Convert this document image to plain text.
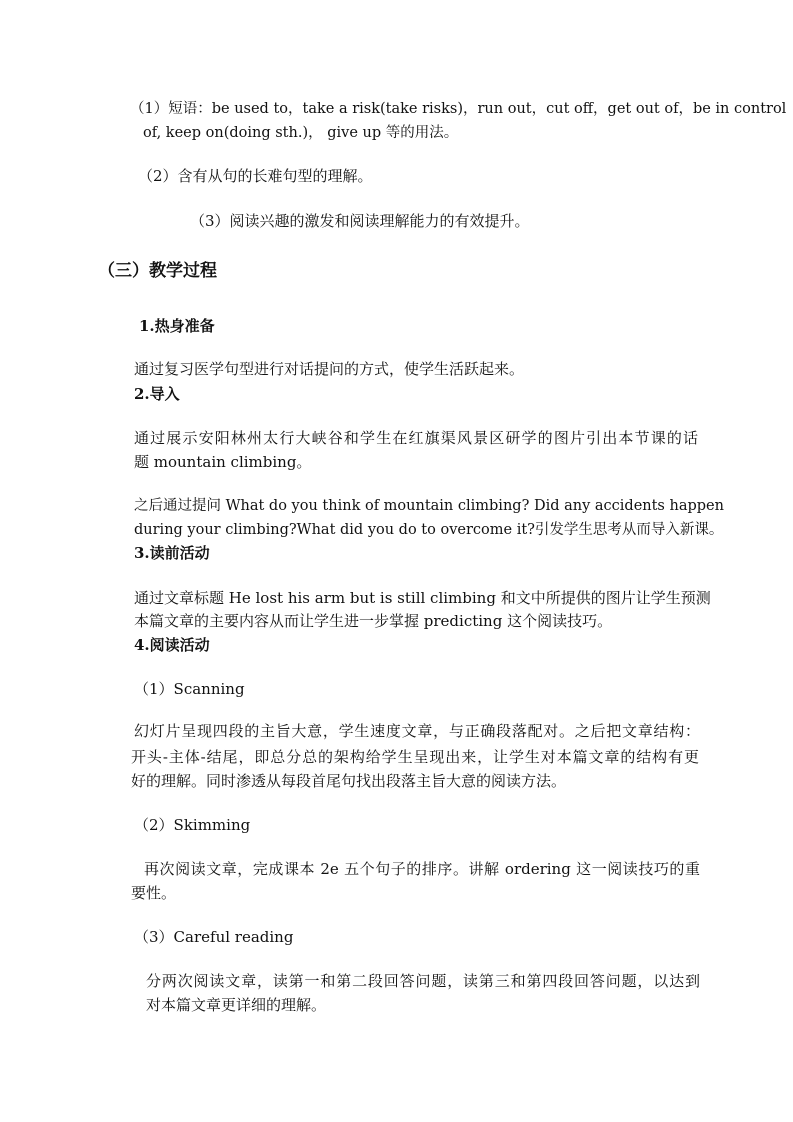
（1）短语：be used to，take a risk(take risks)，run out，cut off，get out of，be in control
of, keep on(doing sth.)， give up 等的用法。
（2）含有从句的长难句型的理解。
（3）阅读兴趣的激发和阅读理解能力的有效提升。
（三）教学过程
1.热身准备
通过复习医学句型进行对话提问的方式，使学生活跃起来。
2.导入
通过展示安阳林州太行大峡谷和学生在红旗渠风景区研学的图片引出本节课的话
题 mountain climbing。
之后通过提问 What do you think of mountain climbing? Did any accidents happen
during your climbing?What did you do to overcome it?引发学生思考从而导入新课。
3.读前活动
通过文章标题 He lost his arm but is still climbing 和文中所提供的图片让学生预测
本篇文章的主要内容从而让学生进一步掌握 predicting 这个阅读技巧。
4.阅读活动
（1）Scanning
幻灯片呈现四段的主旨大意，学生速度文章，与正确段落配对。之后把文章结构：
开头-主体-结尾，即总分总的架构给学生呈现出来，让学生对本篇文章的结构有更
好的理解。同时渗透从每段首尾句找出段落主旨大意的阅读方法。
（2）Skimming
再次阅读文章，完成课本 2e 五个句子的排序。讲解 ordering 这一阅读技巧的重
要性。
（3）Careful reading
分两次阅读文章，读第一和第二段回答问题，读第三和第四段回答问题，以达到
对本篇文章更详细的理解。
